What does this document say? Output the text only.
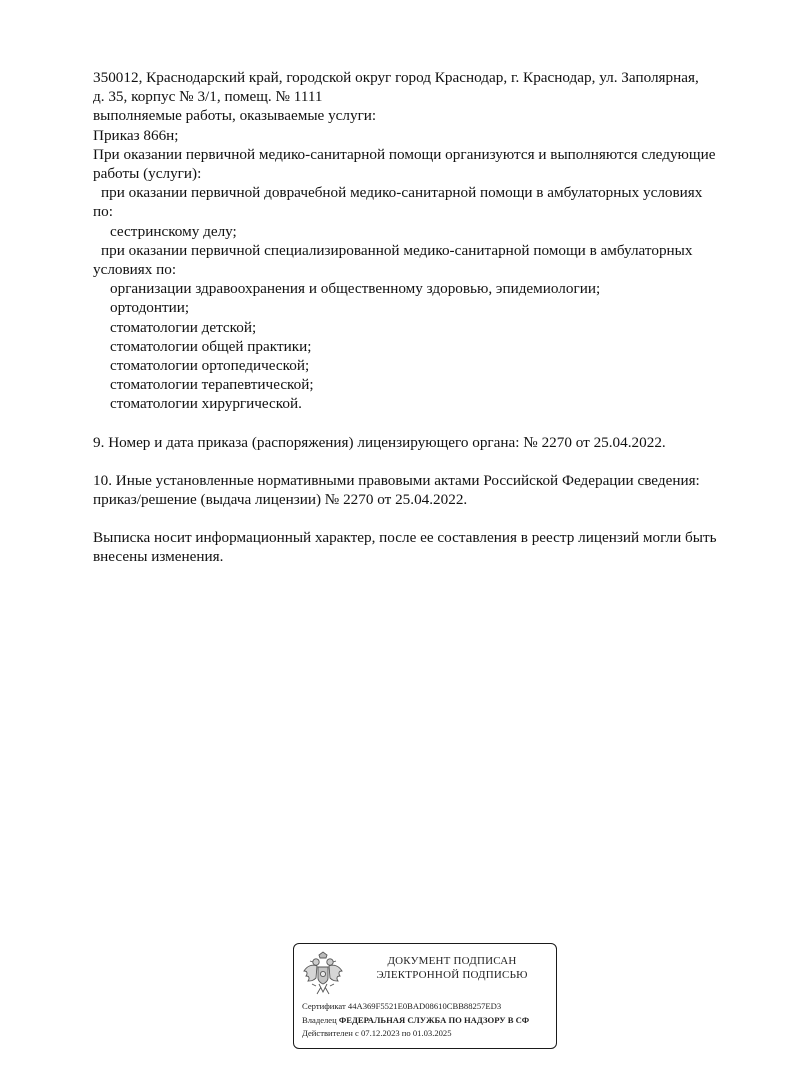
350012, Краснодарский край, городской округ город Краснодар, г. Краснодар, ул. Заполярная,
д. 35, корпус № 3/1, помещ. № 1111
выполняемые работы, оказываемые услуги:
Приказ 866н;
При оказании первичной медико-санитарной помощи организуются и выполняются следующие
работы (услуги):
при оказании первичной доврачебной медико-санитарной помощи в амбулаторных условиях
по:
сестринскому делу;
при оказании первичной специализированной медико-санитарной помощи в амбулаторных
условиях по:
организации здравоохранения и общественному здоровью, эпидемиологии;
ортодонтии;
стоматологии детской;
стоматологии общей практики;
стоматологии ортопедической;
стоматологии терапевтической;
стоматологии хирургической.
9. Номер и дата приказа (распоряжения) лицензирующего органа: № 2270 от 25.04.2022.
10. Иные установленные нормативными правовыми актами Российской Федерации сведения:
приказ/решение (выдача лицензии) № 2270 от 25.04.2022.
Выписка носит информационный характер, после ее составления в реестр лицензий могли быть
внесены изменения.
ДОКУМЕНТ ПОДПИСАН
ЭЛЕКТРОННОЙ ПОДПИСЬЮ
Сертификат 44A369F5521E0BAD08610CBB88257ED3
Владелец ФЕДЕРАЛЬНАЯ СЛУЖБА ПО НАДЗОРУ В СФ
Действителен с 07.12.2023 по 01.03.2025
